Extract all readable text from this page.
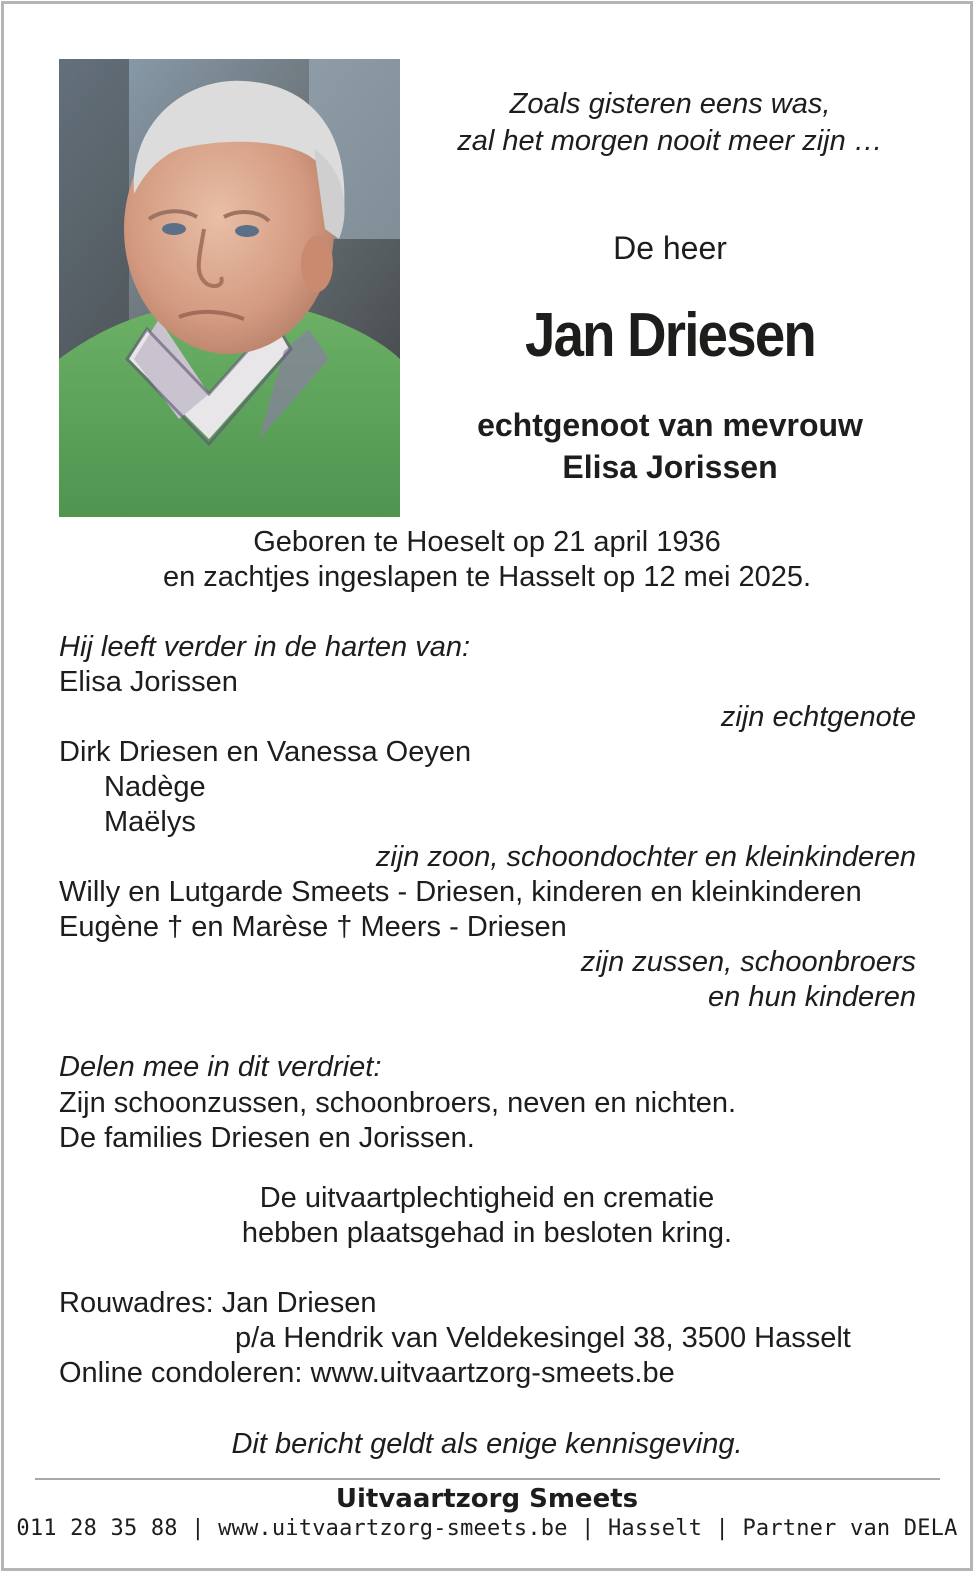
Zoals gisteren eens was,
zal het morgen nooit meer zijn …
De heer
Jan Driesen
echtgenoot van mevrouw
Elisa Jorissen
Geboren te Hoeselt op 21 april 1936
en zachtjes ingeslapen te Hasselt op 12 mei 2025.
Hij leeft verder in de harten van:
Elisa Jorissen
zijn echtgenote
Dirk Driesen en Vanessa Oeyen
Nadège
Maëlys
zijn zoon, schoondochter en kleinkinderen
Willy en Lutgarde Smeets - Driesen, kinderen en kleinkinderen
Eugène † en Marèse † Meers - Driesen
zijn zussen, schoonbroers
en hun kinderen
Delen mee in dit verdriet:
Zijn schoonzussen, schoonbroers, neven en nichten.
De families Driesen en Jorissen.
De uitvaartplechtigheid en crematie
hebben plaatsgehad in besloten kring.
Rouwadres: Jan Driesen
p/a Hendrik van Veldekesingel 38, 3500 Hasselt
Online condoleren: www.uitvaartzorg-smeets.be
Dit bericht geldt als enige kennisgeving.
Uitvaartzorg Smeets
011 28 35 88 | www.uitvaartzorg-smeets.be | Hasselt | Partner van DELA
